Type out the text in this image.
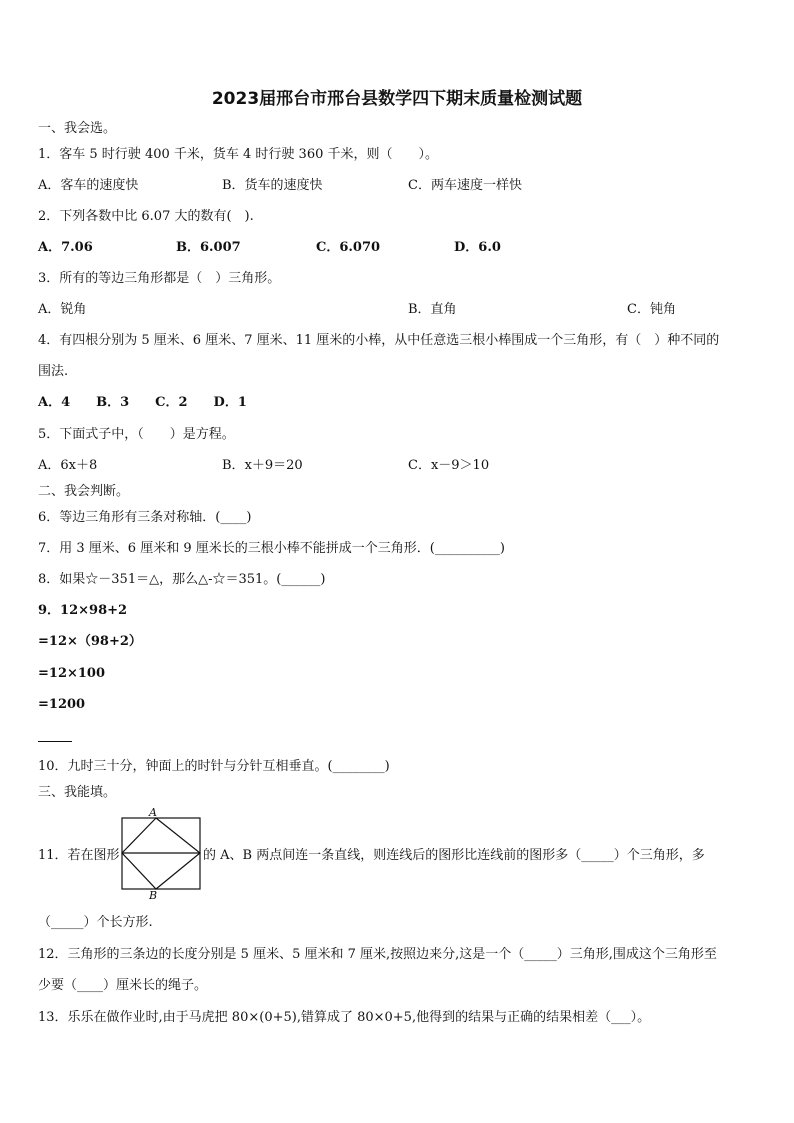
2023届邢台市邢台县数学四下期末质量检测试题
一、我会选。
1．客车 5 时行驶 400 千米，货车 4 时行驶 360 千米，则（　　）。
A．客车的速度快	B．货车的速度快	C．两车速度一样快
2．下列各数中比 6.07 大的数有(　).
A．7.06	B．6.007	C．6.070	D．6.0
3．所有的等边三角形都是（　）三角形。
A．锐角	B．直角	C．钝角
4．有四根分别为 5 厘米、6 厘米、7 厘米、11 厘米的小棒，从中任意选三根小棒围成一个三角形，有（　）种不同的
围法.
A．4　　B．3　　C．2　　D．1
5．下面式子中，（　　）是方程。
A．6x＋8	B．x＋9＝20	C．x－9＞10
二、我会判断。
6．等边三角形有三条对称轴．(____)
7．用 3 厘米、6 厘米和 9 厘米长的三根小棒不能拼成一个三角形．(__________)
8．如果☆－351＝△，那么△-☆＝351。(______)
9．12×98+2
=12×（98+2）
=12×100
=1200
10．九时三十分，钟面上的时针与分针互相垂直。(________)
三、我能填。
A
B
11．若在图形	的 A、B 两点间连一条直线，则连线后的图形比连线前的图形多（_____）个三角形，多
（_____）个长方形.
12．三角形的三条边的长度分别是 5 厘米、5 厘米和 7 厘米,按照边来分,这是一个（_____）三角形,围成这个三角形至
少要（____）厘米长的绳子。
13．乐乐在做作业时,由于马虎把 80×(0+5),错算成了 80×0+5,他得到的结果与正确的结果相差（___）。
